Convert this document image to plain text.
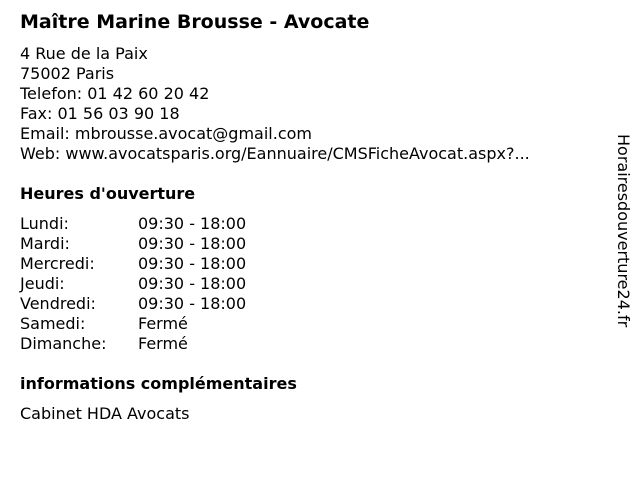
Maître Marine Brousse - Avocate
4 Rue de la Paix
75002 Paris
Telefon: 01 42 60 20 42
Fax: 01 56 03 90 18
Email: mbrousse.avocat@gmail.com
Web: www.avocatsparis.org/Eannuaire/CMSFicheAvocat.aspx?...
Heures d'ouverture
Lundi:	09:30 - 18:00
Mardi:	09:30 - 18:00
Mercredi:	09:30 - 18:00
Jeudi:	09:30 - 18:00
Vendredi:	09:30 - 18:00
Samedi:	Fermé
Dimanche: Fermé
informations complémentaires
Cabinet HDA Avocats
Horairesdouverture24.fr
